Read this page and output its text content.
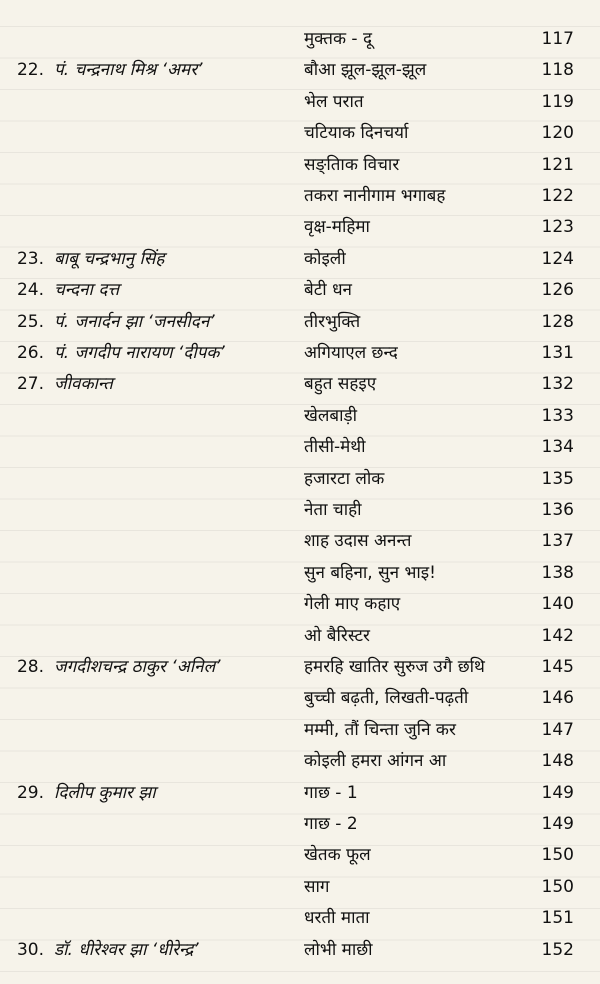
मुक्तक - दू	117
22. पं. चन्द्रनाथ मिश्र ‘अमर’	बौआ झूल-झूल-झूल	118
भेल परात	119
चटियाक दिनचर्या	120
सङ्तिाक विचार	121
तकरा नानीगाम भगाबह	122
वृक्ष-महिमा	123
23. बाबू चन्द्रभानु सिंह	कोइली	124
24. चन्दना दत्त	बेटी धन	126
25. पं. जनार्दन झा ‘जनसीदन’	तीरभुक्ति	128
26. पं. जगदीप नारायण ‘दीपक’	अगियाएल छन्द	131
27. जीवकान्त	बहुत सहइए	132
खेलबाड़ी	133
तीसी-मेथी	134
हजारटा लोक	135
नेता चाही	136
शाह उदास अनन्त	137
सुन बहिना, सुन भाइ!	138
गेली माए कहाए	140
ओ बैरिस्टर	142
28. जगदीशचन्द्र ठाकुर ‘अनिल’	हमरहि खातिर सुरुज उगै छथि	145
बुच्ची बढ़ती, लिखती-पढ़ती	146
मम्मी, तौं चिन्ता जुनि कर	147
कोइली हमरा आंगन आ	148
29. दिलीप कुमार झा	गाछ - 1	149
गाछ - 2	149
खेतक फूल	150
साग	150
धरती माता	151
30. डॉ. धीरेश्वर झा ‘धीरेन्द्र’	लोभी माछी	152
